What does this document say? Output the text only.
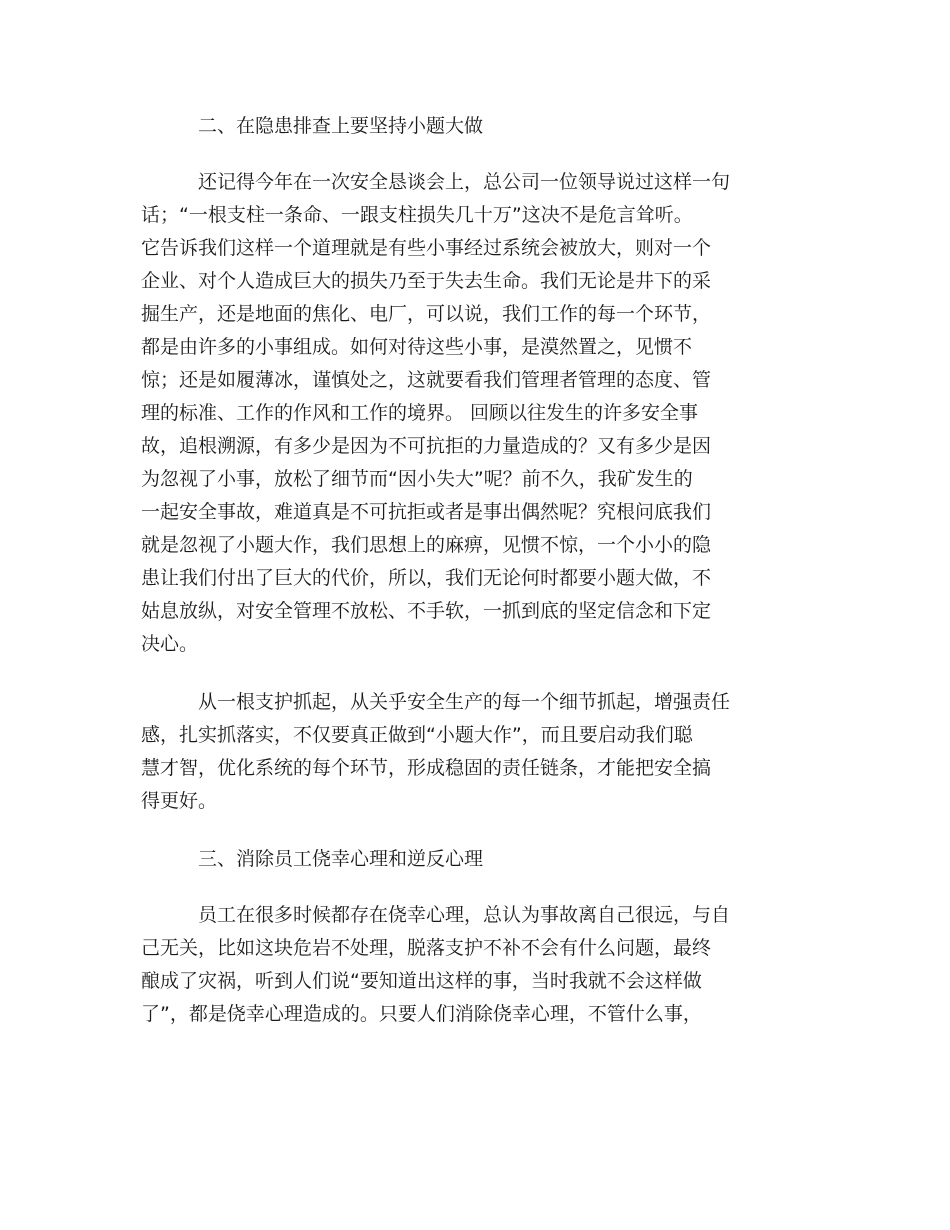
二、在隐患排查上要坚持小题大做
还记得今年在一次安全恳谈会上，总公司一位领导说过这样一句
话；“一根支柱一条命、一跟支柱损失几十万”这决不是危言耸听。
它告诉我们这样一个道理就是有些小事经过系统会被放大，则对一个
企业、对个人造成巨大的损失乃至于失去生命。我们无论是井下的采
掘生产，还是地面的焦化、电厂，可以说，我们工作的每一个环节，
都是由许多的小事组成。如何对待这些小事，是漠然置之，见惯不
惊；还是如履薄冰，谨慎处之，这就要看我们管理者管理的态度、管
理的标准、工作的作风和工作的境界。 回顾以往发生的许多安全事
故，追根溯源，有多少是因为不可抗拒的力量造成的？又有多少是因
为忽视了小事，放松了细节而“因小失大”呢？前不久，我矿发生的
一起安全事故，难道真是不可抗拒或者是事出偶然呢？究根问底我们
就是忽视了小题大作，我们思想上的麻痹，见惯不惊，一个小小的隐
患让我们付出了巨大的代价，所以，我们无论何时都要小题大做，不
姑息放纵，对安全管理不放松、不手软，一抓到底的坚定信念和下定
决心。
从一根支护抓起，从关乎安全生产的每一个细节抓起，增强责任
感，扎实抓落实，不仅要真正做到“小题大作”，而且要启动我们聪
慧才智，优化系统的每个环节，形成稳固的责任链条，才能把安全搞
得更好。
三、消除员工侥幸心理和逆反心理
员工在很多时候都存在侥幸心理，总认为事故离自己很远，与自
己无关，比如这块危岩不处理，脱落支护不补不会有什么问题，最终
酿成了灾祸，听到人们说“要知道出这样的事，当时我就不会这样做
了”，都是侥幸心理造成的。只要人们消除侥幸心理，不管什么事，
